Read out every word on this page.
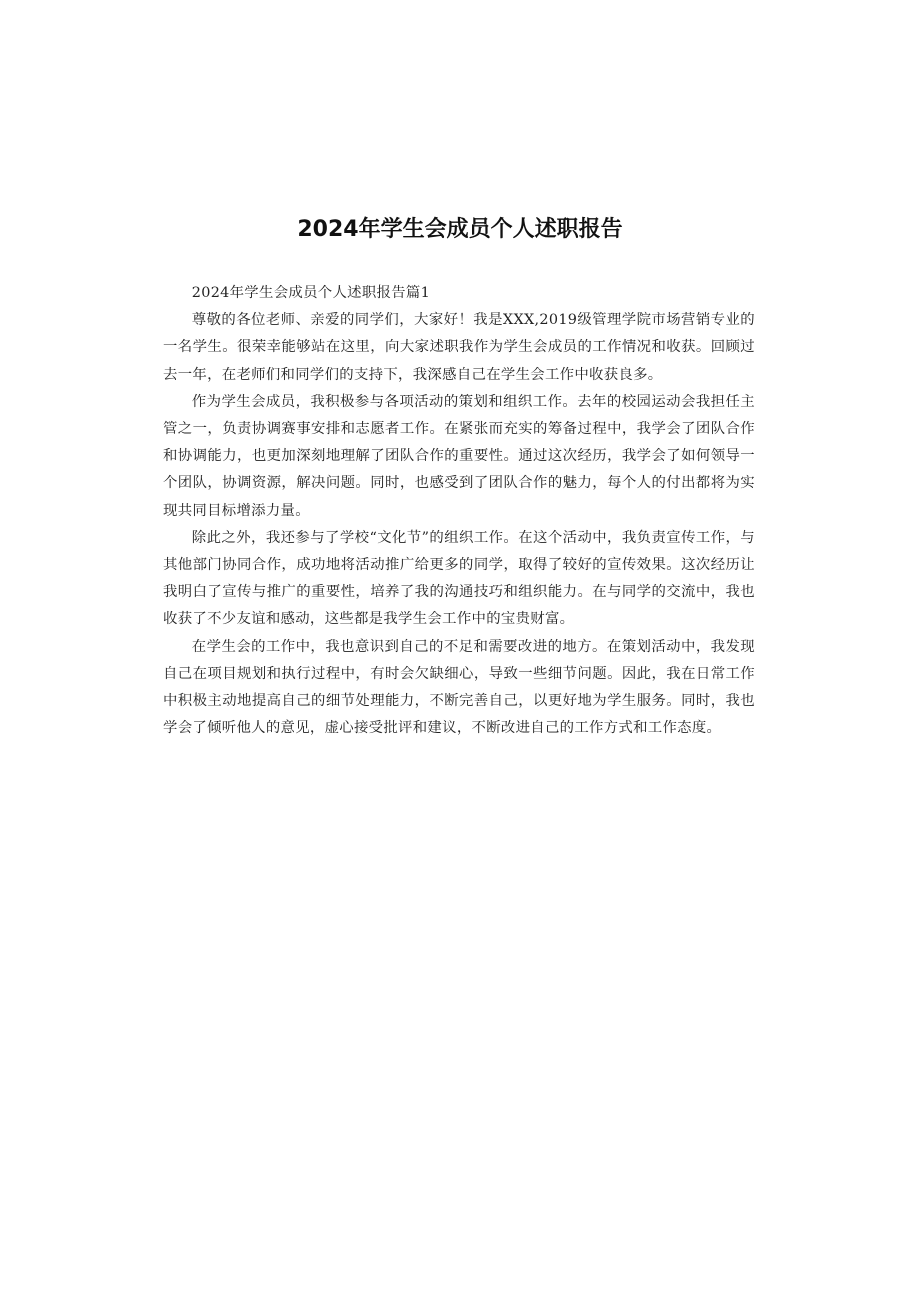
2024年学生会成员个人述职报告

2024年学生会成员个人述职报告篇1

尊敬的各位老师、亲爱的同学们，大家好！我是XXX,2019级管理学院市场营销专业的一名学生。很荣幸能够站在这里，向大家述职我作为学生会成员的工作情况和收获。回顾过去一年，在老师们和同学们的支持下，我深感自己在学生会工作中收获良多。

作为学生会成员，我积极参与各项活动的策划和组织工作。去年的校园运动会我担任主管之一，负责协调赛事安排和志愿者工作。在紧张而充实的筹备过程中，我学会了团队合作和协调能力，也更加深刻地理解了团队合作的重要性。通过这次经历，我学会了如何领导一个团队，协调资源，解决问题。同时，也感受到了团队合作的魅力，每个人的付出都将为实现共同目标增添力量。

除此之外，我还参与了学校“文化节”的组织工作。在这个活动中，我负责宣传工作，与其他部门协同合作，成功地将活动推广给更多的同学，取得了较好的宣传效果。这次经历让我明白了宣传与推广的重要性，培养了我的沟通技巧和组织能力。在与同学的交流中，我也收获了不少友谊和感动，这些都是我学生会工作中的宝贵财富。

在学生会的工作中，我也意识到自己的不足和需要改进的地方。在策划活动中，我发现自己在项目规划和执行过程中，有时会欠缺细心，导致一些细节问题。因此，我在日常工作中积极主动地提高自己的细节处理能力，不断完善自己，以更好地为学生服务。同时，我也学会了倾听他人的意见，虚心接受批评和建议，不断改进自己的工作方式和工作态度。
